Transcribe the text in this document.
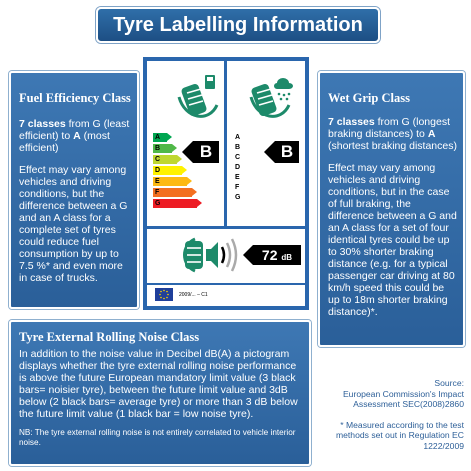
Tyre Labelling Information
Fuel Efficiency Class

7 classes from G (least efficient) to A (most efficient)

Effect may vary among vehicles and driving conditions, but the difference between a G and an A class for a complete set of tyres could reduce fuel consumption by up to 7.5 %* and even more in case of trucks.

Wet Grip Class

7 classes from G (longest braking distances) to A (shortest braking distances)

Effect may vary among vehicles and driving conditions, but in the case of full braking, the difference between a G and an A class for a set of four identical tyres could be up to 30% shorter braking distance (e.g. for a typical passenger car driving at 80 km/h speed this could be up to 18m shorter braking distance)*.

Tyre External Rolling Noise Class

In addition to the noise value in Decibel dB(A) a pictogram displays whether the tyre external rolling noise performance is above the future European mandatory limit value (3 black bars= noisier tyre), between the future limit value and 3dB below (2 black bars= average tyre) or more than 3 dB below the future limit value (1 black bar = low noise tyre).

NB: The tyre external rolling noise is not entirely correlated to vehicle interior noise.

A
B
C
D
E
F
G
B
A
B
C
D
E
F
G
B
72 dB
2009/... – C1
Source:
European Commission's Impact Assessment SEC(2008)2860
* Measured according to the test methods set out in Regulation EC 1222/2009
